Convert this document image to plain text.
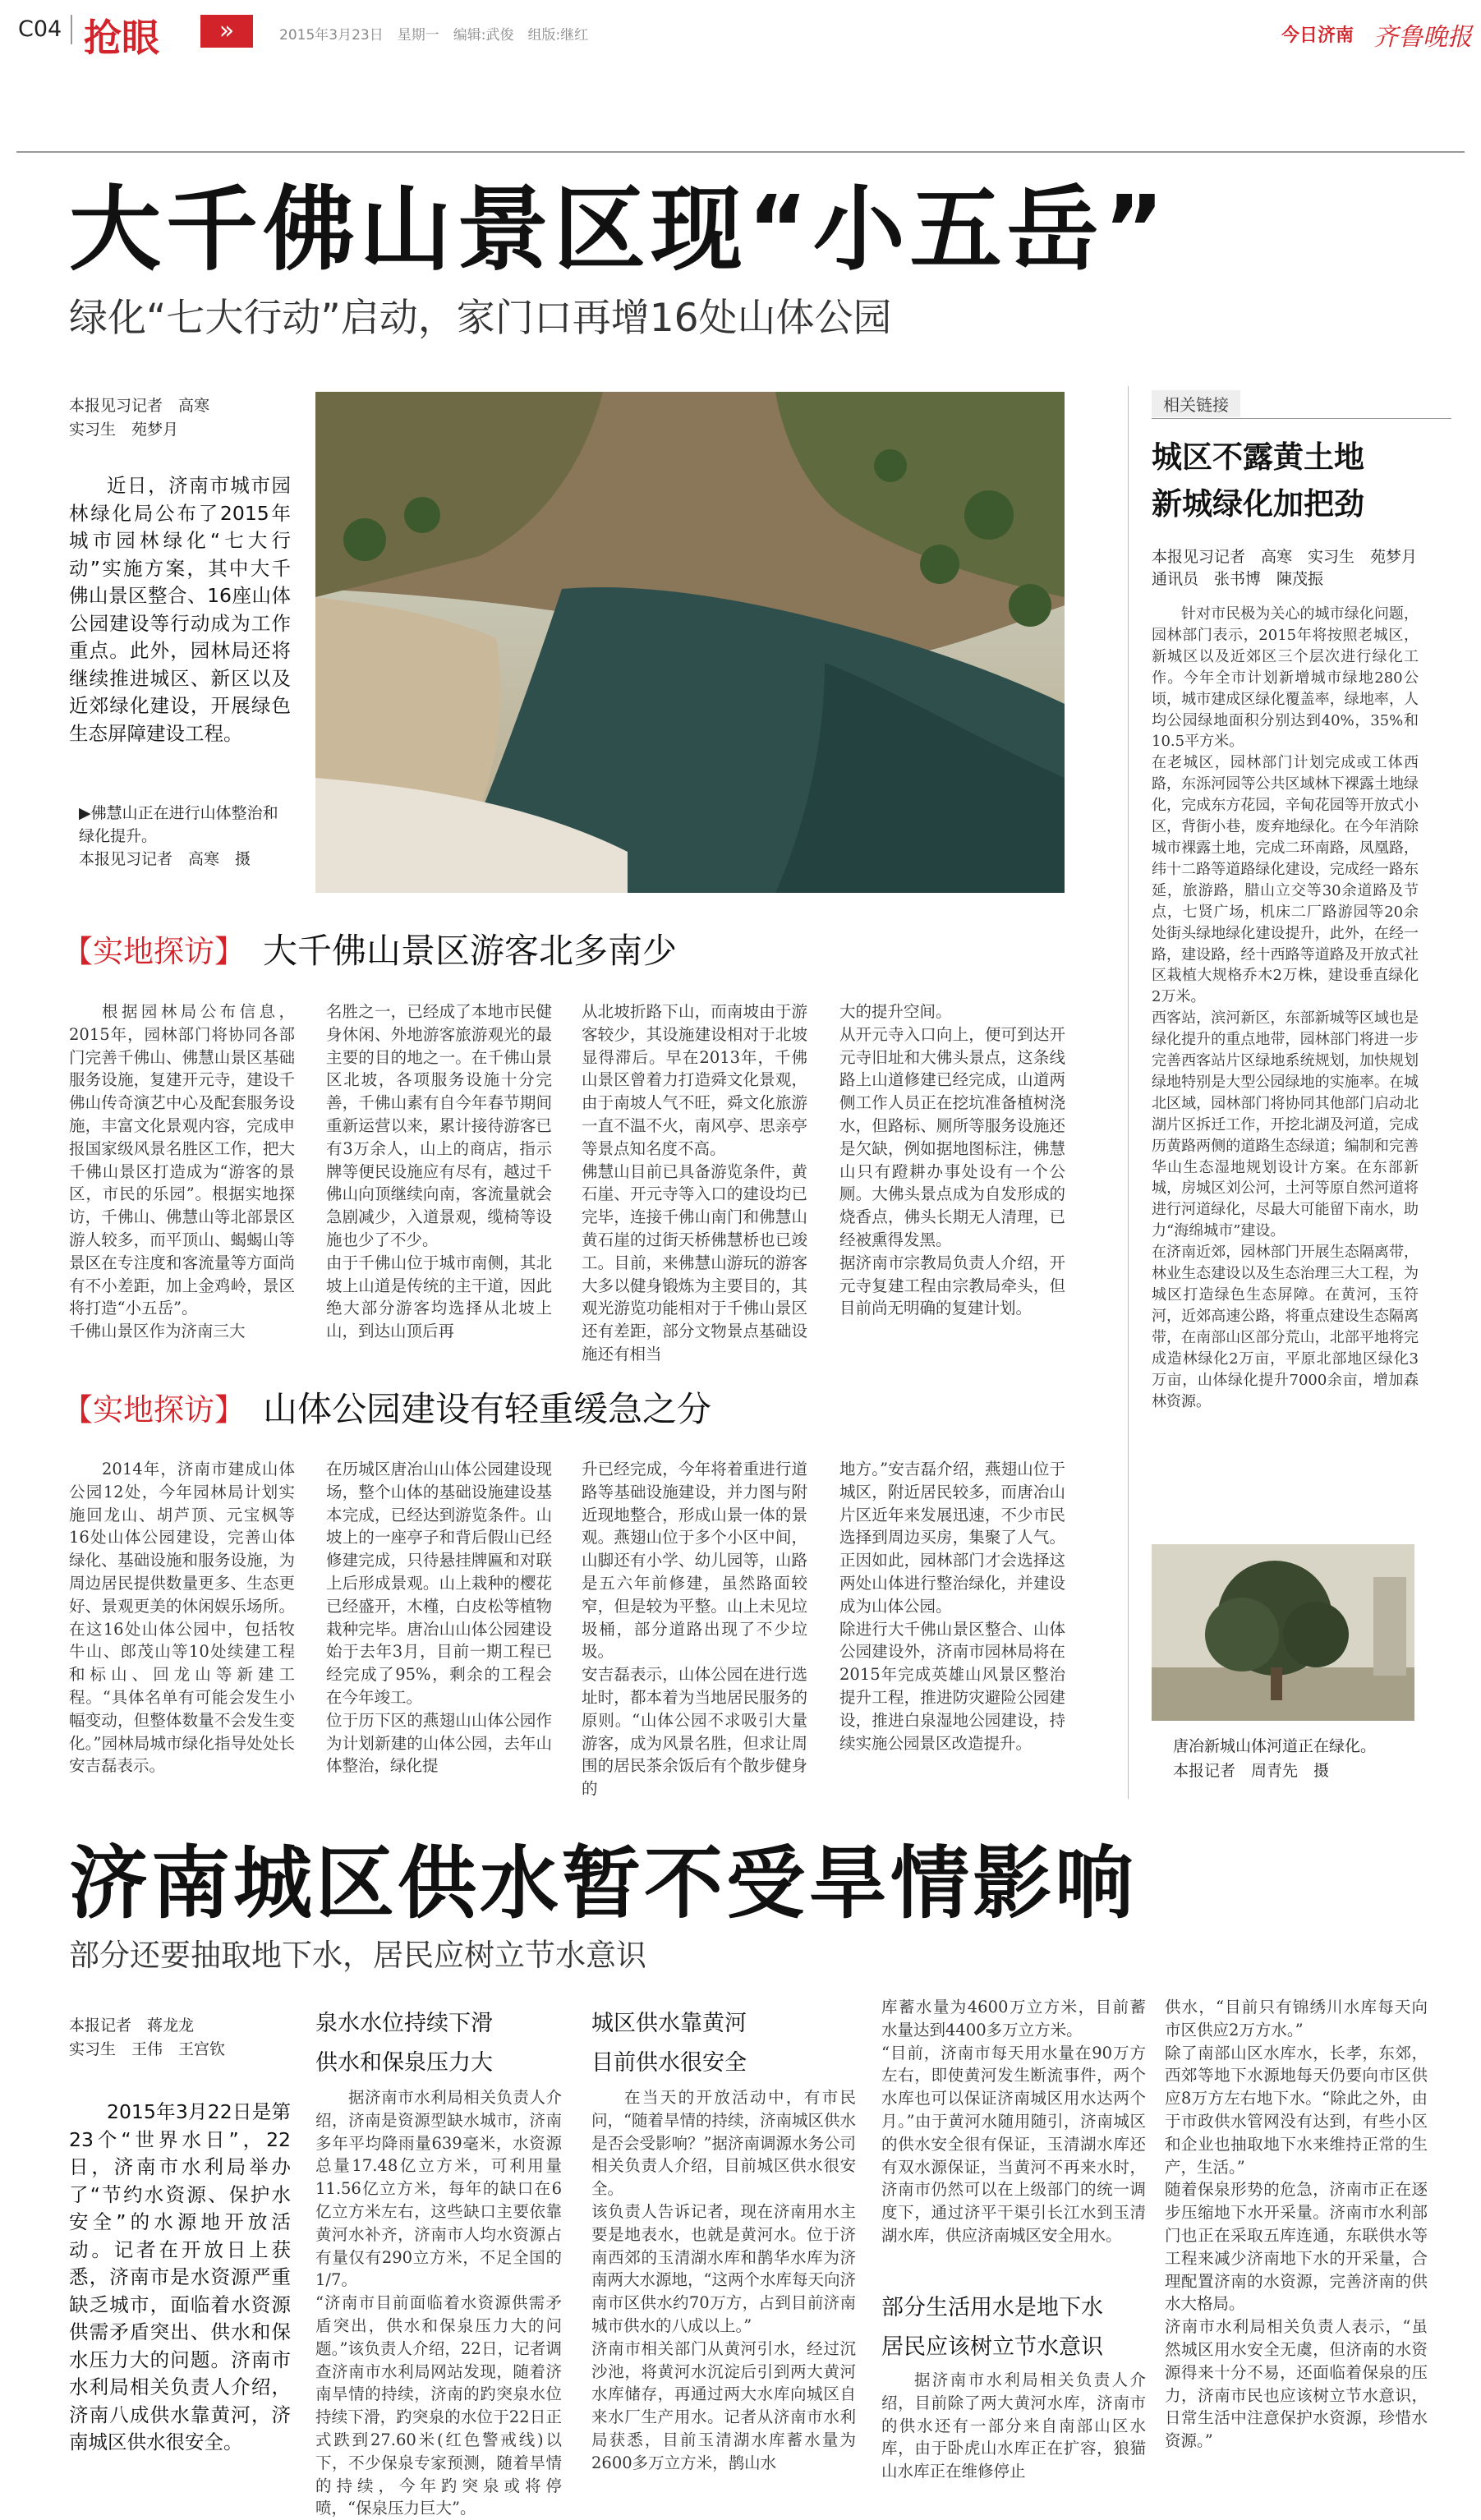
C04 抢眼	»	2015年3月23日　星期一　编辑:武俊　组版:继红	今日济南 齐鲁晚报
大千佛山景区现“小五岳”
绿化“七大行动”启动，家门口再增16处山体公园
本报见习记者　高寒
实习生　苑梦月
近日，济南市城市园林绿化局公布了2015年城市园林绿化“七大行动”实施方案，其中大千佛山景区整合、16座山体公园建设等行动成为工作重点。此外，园林局还将继续推进城区、新区以及近郊绿化建设，开展绿色生态屏障建设工程。
▶佛慧山正在进行山体整治和绿化提升。
本报见习记者　高寒　摄
【实地探访】 大千佛山景区游客北多南少
根据园林局公布信息，2015年，园林部门将协同各部门完善千佛山、佛慧山景区基础服务设施，复建开元寺，建设千佛山传奇演艺中心及配套服务设施，丰富文化景观内容，完成申报国家级风景名胜区工作，把大千佛山景区打造成为“游客的景区，市民的乐园”。根据实地探访，千佛山、佛慧山等北部景区游人较多，而平顶山、蝎蝎山等景区在专注度和客流量等方面尚有不小差距，加上金鸡岭，景区将打造“小五岳”。
千佛山景区作为济南三大
名胜之一，已经成了本地市民健身休闲、外地游客旅游观光的最主要的目的地之一。在千佛山景区北坡，各项服务设施十分完善，千佛山素有自今年春节期间重新运营以来，累计接待游客已有3万余人，山上的商店，指示牌等便民设施应有尽有，越过千佛山向顶继续向南，客流量就会急剧减少，入道景观，缆椅等设施也少了不少。
由于千佛山位于城市南侧，其北坡上山道是传统的主干道，因此绝大部分游客均选择从北坡上山，到达山顶后再
从北坡折路下山，而南坡由于游客较少，其设施建设相对于北坡显得滞后。早在2013年，千佛山景区曾着力打造舜文化景观，由于南坡人气不旺，舜文化旅游一直不温不火，南风亭、思亲亭等景点知名度不高。
佛慧山目前已具备游览条件，黄石崖、开元寺等入口的建设均已完毕，连接千佛山南门和佛慧山黄石崖的过街天桥佛慧桥也已竣工。目前，来佛慧山游玩的游客大多以健身锻炼为主要目的，其观光游览功能相对于千佛山景区还有差距，部分文物景点基础设施还有相当
大的提升空间。
从开元寺入口向上，便可到达开元寺旧址和大佛头景点，这条线路上山道修建已经完成，山道两侧工作人员正在挖坑准备植树浇水，但路标、厕所等服务设施还是欠缺，例如据地图标注，佛慧山只有蹬耕办事处设有一个公厕。大佛头景点成为自发形成的烧香点，佛头长期无人清理，已经被熏得发黑。
据济南市宗教局负责人介绍，开元寺复建工程由宗教局牵头，但目前尚无明确的复建计划。
【实地探访】 山体公园建设有轻重缓急之分
2014年，济南市建成山体公园12处，今年园林局计划实施回龙山、胡芦顶、元宝枫等16处山体公园建设，完善山体绿化、基础设施和服务设施，为周边居民提供数量更多、生态更好、景观更美的休闲娱乐场所。在这16处山体公园中，包括牧牛山、郎茂山等10处续建工程和标山、回龙山等新建工程。“具体名单有可能会发生小幅变动，但整体数量不会发生变化。”园林局城市绿化指导处处长安吉磊表示。
在历城区唐冶山山体公园建设现场，整个山体的基础设施建设基本完成，已经达到游览条件。山坡上的一座亭子和背后假山已经修建完成，只待悬挂牌匾和对联上后形成景观。山上栽种的樱花已经盛开，木槿，白皮松等植物栽种完毕。唐冶山山体公园建设始于去年3月，目前一期工程已经完成了95%，剩余的工程会在今年竣工。
位于历下区的燕翅山山体公园作为计划新建的山体公园，去年山体整治，绿化提
升已经完成，今年将着重进行道路等基础设施建设，并力图与附近现地整合，形成山景一体的景观。燕翅山位于多个小区中间，山脚还有小学、幼儿园等，山路是五六年前修建，虽然路面较窄，但是较为平整。山上未见垃圾桶，部分道路出现了不少垃圾。
安吉磊表示，山体公园在进行选址时，都本着为当地居民服务的原则。“山体公园不求吸引大量游客，成为风景名胜，但求让周围的居民茶余饭后有个散步健身的
地方。”安吉磊介绍，燕翅山位于城区，附近居民较多，而唐冶山片区近年来发展迅速，不少市民选择到周边买房，集聚了人气。正因如此，园林部门才会选择这两处山体进行整治绿化，并建设成为山体公园。
除进行大千佛山景区整合、山体公园建设外，济南市园林局将在2015年完成英雄山风景区整治提升工程，推进防灾避险公园建设，推进白泉湿地公园建设，持续实施公园景区改造提升。
相关链接
城区不露黄土地
新城绿化加把劲
本报见习记者　高寒　实习生　苑梦月　通讯员　张书博　陳茂振
针对市民极为关心的城市绿化问题，园林部门表示，2015年将按照老城区，新城区以及近郊区三个层次进行绿化工作。今年全市计划新增城市绿地280公顷，城市建成区绿化覆盖率，绿地率，人均公园绿地面积分别达到40%，35%和10.5平方米。
在老城区，园林部门计划完成或工体西路，东泺河园等公共区域林下裸露土地绿化，完成东方花园，辛甸花园等开放式小区，背街小巷，废弃地绿化。在今年消除城市裸露土地，完成二环南路，凤凰路，纬十二路等道路绿化建设，完成经一路东延，旅游路，腊山立交等30余道路及节点，七贤广场，机床二厂路游园等20余处街头绿地绿化建设提升，此外，在经一路，建设路，经十西路等道路及开放式社区栽植大规格乔木2万株，建设垂直绿化2万米。
西客站，滨河新区，东部新城等区域也是绿化提升的重点地带，园林部门将进一步完善西客站片区绿地系统规划，加快规划绿地特别是大型公园绿地的实施率。在城北区域，园林部门将协同其他部门启动北湖片区拆迁工作，开挖北湖及河道，完成历黄路两侧的道路生态绿道；编制和完善华山生态湿地规划设计方案。在东部新城，房城区刘公河，土河等原自然河道将进行河道绿化，尽最大可能留下南水，助力“海绵城市”建设。
在济南近郊，园林部门开展生态隔离带，林业生态建设以及生态治理三大工程，为城区打造绿色生态屏障。在黄河，玉符河，近郊高速公路，将重点建设生态隔离带，在南部山区部分荒山，北部平地将完成造林绿化2万亩，平原北部地区绿化3万亩，山体绿化提升7000余亩，增加森林资源。
唐冶新城山体河道正在绿化。
本报记者　周青先　摄
济南城区供水暂不受旱情影响
部分还要抽取地下水，居民应树立节水意识
本报记者　蒋龙龙
实习生　王伟　王宫钦
2015年3月22日是第23个“世界水日”，22日，济南市水利局举办了“节约水资源、保护水安全”的水源地开放活动。记者在开放日上获悉，济南市是水资源严重缺乏城市，面临着水资源供需矛盾突出、供水和保水压力大的问题。济南市水利局相关负责人介绍，济南八成供水靠黄河，济南城区供水很安全。
泉水水位持续下滑
供水和保泉压力大
据济南市水利局相关负责人介绍，济南是资源型缺水城市，济南多年平均降雨量639毫米，水资源总量17.48亿立方米，可利用量11.56亿立方米，每年的缺口在6亿立方米左右，这些缺口主要依靠黄河水补齐，济南市人均水资源占有量仅有290立方米，不足全国的1/7。
“济南市目前面临着水资源供需矛盾突出，供水和保泉压力大的问题。”该负责人介绍，22日，记者调查济南市水利局网站发现，随着济南旱情的持续，济南的趵突泉水位持续下滑，趵突泉的水位于22日正式跌到27.60米(红色警戒线)以下，不少保泉专家预测，随着旱情的持续，今年趵突泉或将停喷，“保泉压力巨大”。
城区供水靠黄河
目前供水很安全
在当天的开放活动中，有市民问，“随着旱情的持续，济南城区供水是否会受影响？”据济南调源水务公司相关负责人介绍，目前城区供水很安全。
该负责人告诉记者，现在济南用水主要是地表水，也就是黄河水。位于济南西郊的玉清湖水库和鹊华水库为济南两大水源地，“这两个水库每天向济南市区供水约70万方，占到目前济南城市供水的八成以上。”
济南市相关部门从黄河引水，经过沉沙池，将黄河水沉淀后引到两大黄河水库储存，再通过两大水库向城区自来水厂生产用水。记者从济南市水利局获悉，目前玉清湖水库蓄水量为2600多万立方米，鹊山水
库蓄水量为4600万立方米，目前蓄水量达到4400多万立方米。
“目前，济南市每天用水量在90万方左右，即使黄河发生断流事件，两个水库也可以保证济南城区用水达两个月。”由于黄河水随用随引，济南城区的供水安全很有保证，玉清湖水库还有双水源保证，当黄河不再来水时，济南市仍然可以在上级部门的统一调度下，通过济平干渠引长江水到玉清湖水库，供应济南城区安全用水。
部分生活用水是地下水
居民应该树立节水意识
据济南市水利局相关负责人介绍，目前除了两大黄河水库，济南市的供水还有一部分来自南部山区水库，由于卧虎山水库正在扩容，狼猫山水库正在维修停止
供水，“目前只有锦绣川水库每天向市区供应2万方水。”
除了南部山区水库水，长孝，东郊，西郊等地下水源地每天仍要向市区供应8万方左右地下水。“除此之外，由于市政供水管网没有达到，有些小区和企业也抽取地下水来维持正常的生产，生活。”
随着保泉形势的危急，济南市正在逐步压缩地下水开采量。济南市水利部门也正在采取五库连通，东联供水等工程来减少济南地下水的开采量，合理配置济南的水资源，完善济南的供水大格局。
济南市水利局相关负责人表示，“虽然城区用水安全无虞，但济南的水资源得来十分不易，还面临着保泉的压力，济南市民也应该树立节水意识，日常生活中注意保护水资源，珍惜水资源。”
